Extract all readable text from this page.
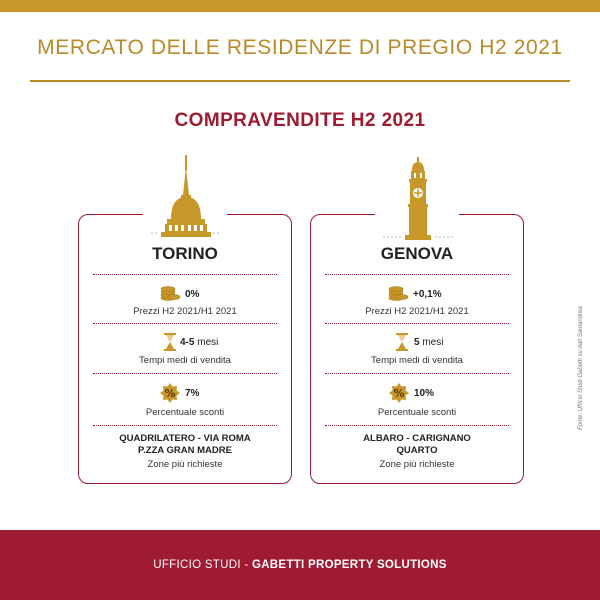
MERCATO DELLE RESIDENZE DI PREGIO H2 2021
COMPRAVENDITE H2 2021
TORINO
0%
Prezzi H2 2021/H1 2021
4-5 mesi
Tempi medi di vendita
% 7%
Percentuale sconti
QUADRILATERO - VIA ROMA
P.ZZA GRAN MADRE
Zone più richieste
GENOVA
+0,1%
Prezzi H2 2021/H1 2021
5 mesi
Tempi medi di vendita
% 10%
Percentuale sconti
ALBARO - CARIGNANO
QUARTO
Zone più richieste
Fonte: Ufficio Studi Gabetti su dati Santandrea
UFFICIO STUDI - GABETTI PROPERTY SOLUTIONS
